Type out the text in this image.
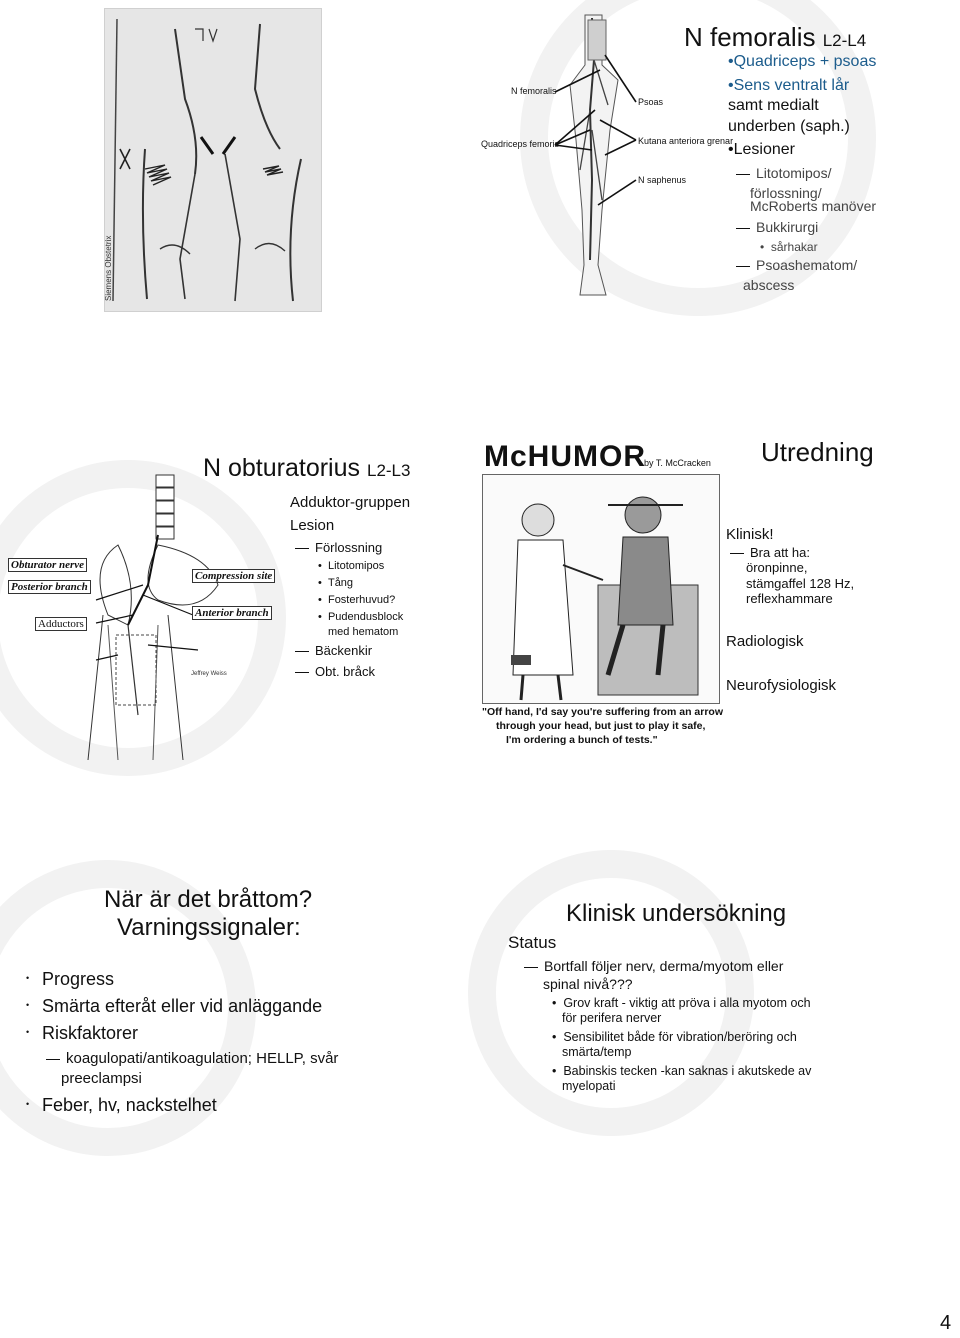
Siemens Obstetrix
N femoralis
Quadriceps femoris
Psoas
Kutana anteriora grenar
N saphenus
N femoralis L2-L4
•Quadriceps + psoas
•Sens ventralt lår
samt medialt
underben (saph.)
•Lesioner
Litotomipos/
förlossning/
McRoberts manöver
Bukkirurgi
•  sårhakar
Psoashematom/
abscess
Jeffrey Weiss
Obturator nerve
Posterior branch
Adductors
Compression site
Anterior branch
N obturatorius L2-L3
Adduktor-gruppen
Lesion
Förlossning
•  Litotomipos
•  Tång
•  Fosterhuvud?
•  Pudendusblock
med hematom
Bäckenkir
Obt. bråck
McHUMOR
by T. McCracken
"Off hand, I'd say you're suffering from an arrow
through your head, but just to play it safe,
I'm ordering a bunch of tests."
Utredning
Klinisk!
Bra att ha:
öronpinne,
stämgaffel 128 Hz,
reflexhammare
Radiologisk
Neurofysiologisk
När är det bråttom?
Varningssignaler:
• Progress
• Smärta efteråt eller vid anläggande
• Riskfaktorer
koagulopati/antikoagulation; HELLP, svår
preeclampsi
• Feber, hv, nackstelhet
Klinisk undersökning
Status
Bortfall följer nerv, derma/myotom eller
spinal nivå???
•  Grov kraft - viktig att pröva i alla myotom och
för perifera nerver
•  Sensibilitet både för vibration/beröring och
smärta/temp
•  Babinskis tecken -kan saknas i akutskede av
myelopati
4
